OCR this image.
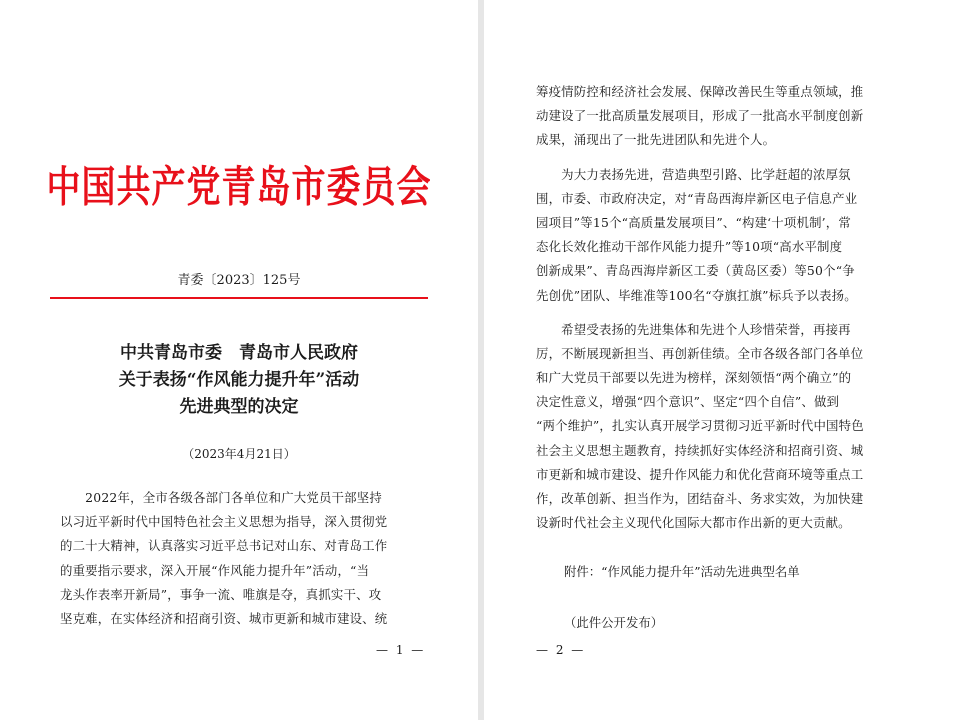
中国共产党青岛市委员会
青委〔2023〕125号
中共青岛市委　青岛市人民政府
关于表扬“作风能力提升年”活动
先进典型的决定
（2023年4月21日）
　　2022年，全市各级各部门各单位和广大党员干部坚持
以习近平新时代中国特色社会主义思想为指导，深入贯彻党
的二十大精神，认真落实习近平总书记对山东、对青岛工作
的重要指示要求，深入开展“作风能力提升年”活动，“当
龙头作表率开新局”，事争一流、唯旗是夺，真抓实干、攻
坚克难，在实体经济和招商引资、城市更新和城市建设、统
— 1 —
筹疫情防控和经济社会发展、保障改善民生等重点领域，推
动建设了一批高质量发展项目，形成了一批高水平制度创新
成果，涌现出了一批先进团队和先进个人。
　　为大力表扬先进，营造典型引路、比学赶超的浓厚氛
围，市委、市政府决定，对“青岛西海岸新区电子信息产业
园项目”等15个“高质量发展项目”、“构建‘十项机制’，常
态化长效化推动干部作风能力提升”等10项“高水平制度
创新成果”、青岛西海岸新区工委（黄岛区委）等50个“争
先创优”团队、毕维准等100名“夺旗扛旗”标兵予以表扬。
　　希望受表扬的先进集体和先进个人珍惜荣誉，再接再
厉，不断展现新担当、再创新佳绩。全市各级各部门各单位
和广大党员干部要以先进为榜样，深刻领悟“两个确立”的
决定性意义，增强“四个意识”、坚定“四个自信”、做到
“两个维护”，扎实认真开展学习贯彻习近平新时代中国特色
社会主义思想主题教育，持续抓好实体经济和招商引资、城
市更新和城市建设、提升作风能力和优化营商环境等重点工
作，改革创新、担当作为，团结奋斗、务求实效，为加快建
设新时代社会主义现代化国际大都市作出新的更大贡献。
附件：“作风能力提升年”活动先进典型名单
（此件公开发布）
— 2 —
